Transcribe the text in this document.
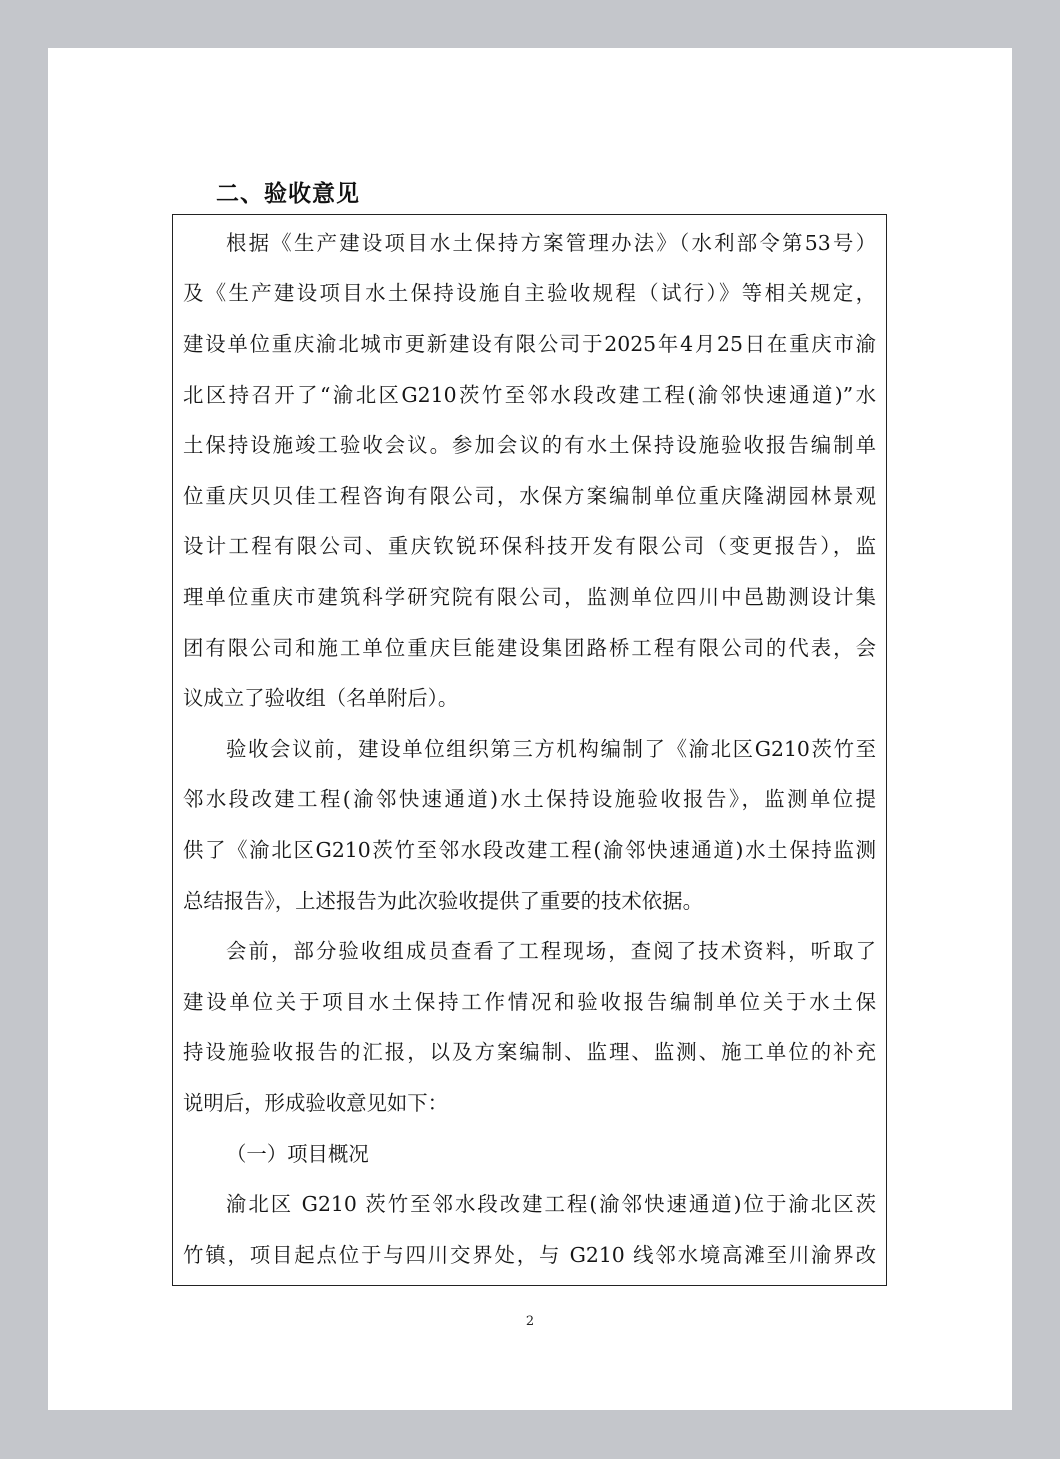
二、验收意见
根据《生产建设项目水土保持方案管理办法》（水利部令第53号）
及《生产建设项目水土保持设施自主验收规程（试行）》等相关规定，
建设单位重庆渝北城市更新建设有限公司于2025年4月25日在重庆市渝
北区持召开了“渝北区G210茨竹至邻水段改建工程(渝邻快速通道)”水
土保持设施竣工验收会议。参加会议的有水土保持设施验收报告编制单
位重庆贝贝佳工程咨询有限公司，水保方案编制单位重庆隆湖园林景观
设计工程有限公司、重庆钦锐环保科技开发有限公司（变更报告），监
理单位重庆市建筑科学研究院有限公司，监测单位四川中邑勘测设计集
团有限公司和施工单位重庆巨能建设集团路桥工程有限公司的代表，会
议成立了验收组（名单附后）。
验收会议前，建设单位组织第三方机构编制了《渝北区G210茨竹至
邻水段改建工程(渝邻快速通道)水土保持设施验收报告》，监测单位提
供了《渝北区G210茨竹至邻水段改建工程(渝邻快速通道)水土保持监测
总结报告》，上述报告为此次验收提供了重要的技术依据。
会前，部分验收组成员查看了工程现场，查阅了技术资料，听取了
建设单位关于项目水土保持工作情况和验收报告编制单位关于水土保
持设施验收报告的汇报，以及方案编制、监理、监测、施工单位的补充
说明后，形成验收意见如下：
（一）项目概况
渝北区 G210 茨竹至邻水段改建工程(渝邻快速通道)位于渝北区茨
竹镇，项目起点位于与四川交界处，与 G210 线邻水境高滩至川渝界改
2
